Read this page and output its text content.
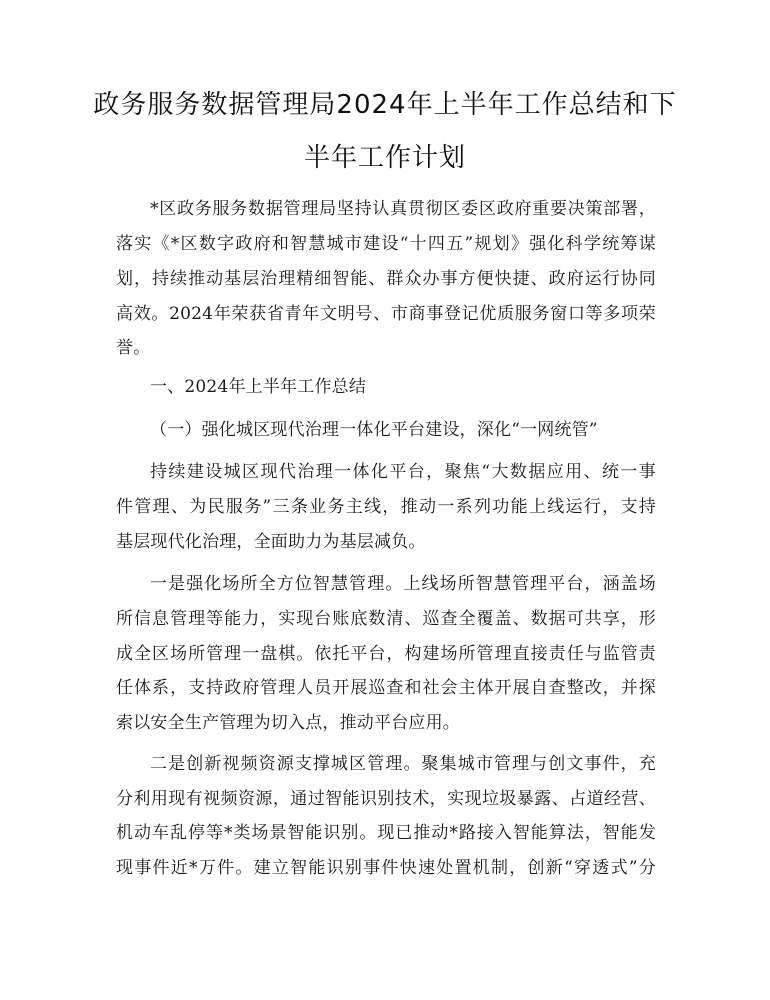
政务服务数据管理局2024年上半年工作总结和下
半年工作计划
*区政务服务数据管理局坚持认真贯彻区委区政府重要决策部署，
落实《*区数字政府和智慧城市建设“十四五”规划》强化科学统筹谋
划，持续推动基层治理精细智能、群众办事方便快捷、政府运行协同
高效。2024年荣获省青年文明号、市商事登记优质服务窗口等多项荣
誉。
一、2024年上半年工作总结
（一）强化城区现代治理一体化平台建设，深化“一网统管”
持续建设城区现代治理一体化平台，聚焦“大数据应用、统一事
件管理、为民服务”三条业务主线，推动一系列功能上线运行，支持
基层现代化治理，全面助力为基层减负。
一是强化场所全方位智慧管理。上线场所智慧管理平台，涵盖场
所信息管理等能力，实现台账底数清、巡查全覆盖、数据可共享，形
成全区场所管理一盘棋。依托平台，构建场所管理直接责任与监管责
任体系，支持政府管理人员开展巡查和社会主体开展自查整改，并探
索以安全生产管理为切入点，推动平台应用。
二是创新视频资源支撑城区管理。聚集城市管理与创文事件，充
分利用现有视频资源，通过智能识别技术，实现垃圾暴露、占道经营、
机动车乱停等*类场景智能识别。现已推动*路接入智能算法，智能发
现事件近*万件。建立智能识别事件快速处置机制，创新“穿透式”分
